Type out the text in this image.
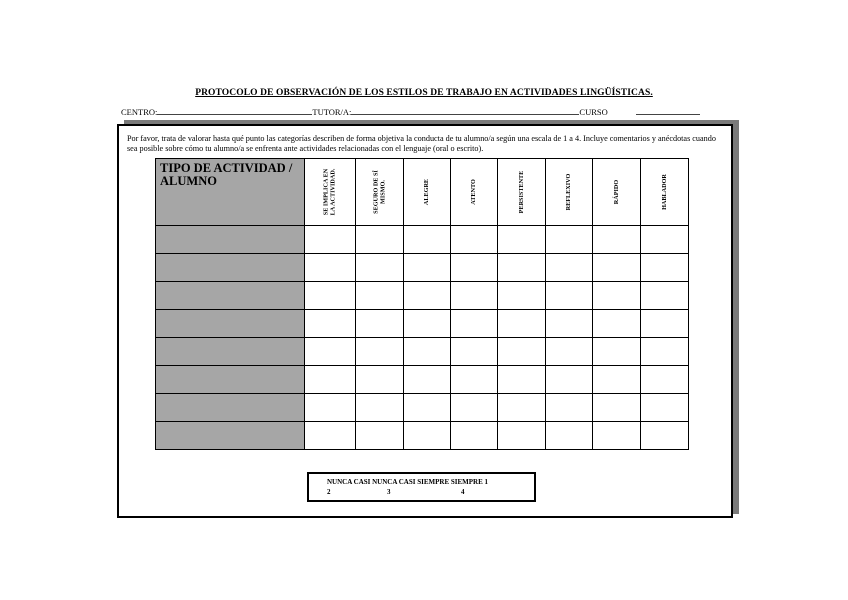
PROTOCOLO DE OBSERVACIÓN DE LOS ESTILOS DE TRABAJO EN ACTIVIDADES LINGÜÍSTICAS.
CENTRO:	TUTOR/A:	CURSO
Por favor, trata de valorar hasta qué punto las categorías describen de forma objetiva la conducta de tu alumno/a según una escala de 1 a 4. Incluye comentarios y anécdotas cuando sea posible sobre cómo tu alumno/a se enfrenta ante actividades relacionadas con el lenguaje (oral o escrito).
TIPO DE ACTIVIDAD / ALUMNO	SE IMPLICA EN LA ACTIVIDAD.	SEGURO DE SÍ MISMO.	ALEGRE	ATENTO	PERSISTENTE	REFLEXIVO	RÁPIDO	HABLADOR

NUNCA CASI NUNCA CASI SIEMPRE SIEMPRE 1
2	3	4
